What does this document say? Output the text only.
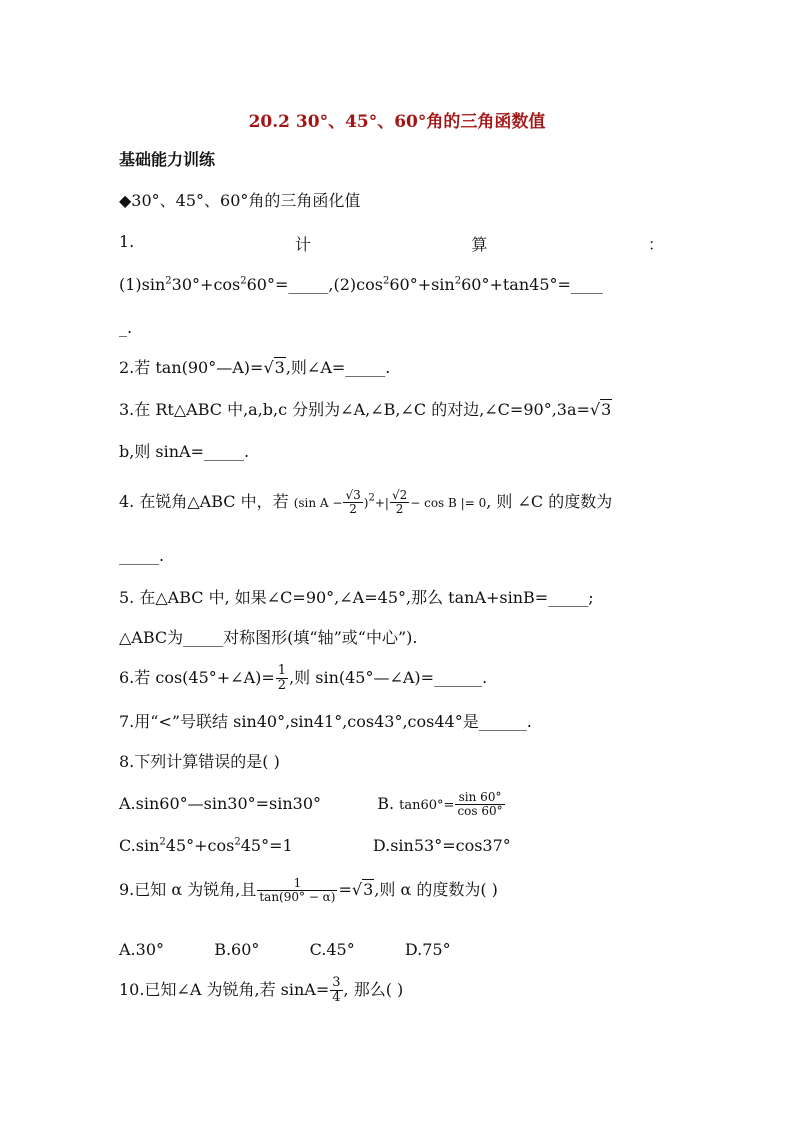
20.2 30°、45°、60°角的三角函数值
基础能力训练
◆30°、45°、60°角的三角函化值
1.	计	算	：
$(1)\sin^230^\circ+\cos^260^\circ=\_\_\_\_\_,(2)\cos^260^\circ+\sin^260^\circ+\tan 45^\circ=\_\_\_\_$
_.
2.若 tan(90°—A)=√3,则∠A=_____.
3.在 Rt△ABC 中,a,b,c 分别为∠A,∠B,∠C 的对边,∠C=90°,3a=√3
b,则 sinA=_____.
4. 在锐角△ABC 中，若 (sin $A - \frac{√3}{2} )^2+| \frac{√2}{2} - \cos B$ |= 0, 则 ∠C 的度数为
_____.
5. 在△ABC 中, 如果∠C=90°,∠A=45°,那么 tanA+sinB=_____;
△ABC为_____对称图形(填“轴”或“中心”).
6.若 cos(45°+∠A)= $\frac{1}{2}$ ,则 sin(45°—∠A)=______.
7.用“<”号联结 sin40°,sin41°,cos43°,cos44°是______.
8.下列计算错误的是( )
A.sin60°—sin30°=sin30°	B. $\tan 60^\circ= \frac{\sin 60^\circ}{\cos 60^\circ}$
$C.\sin^245^\circ+\cos^245^\circ=1$	D.sin53°=cos37°
9.已知 α 为锐角,且 $\frac{1}{\tan(90^\circ - \alpha)} =√3$,则 α 的度数为( )
A.30°	B.60°	C.45°	D.75°
10.已知∠A 为锐角,若 $\sin A= \frac{3}{4}$ , 那么( )
